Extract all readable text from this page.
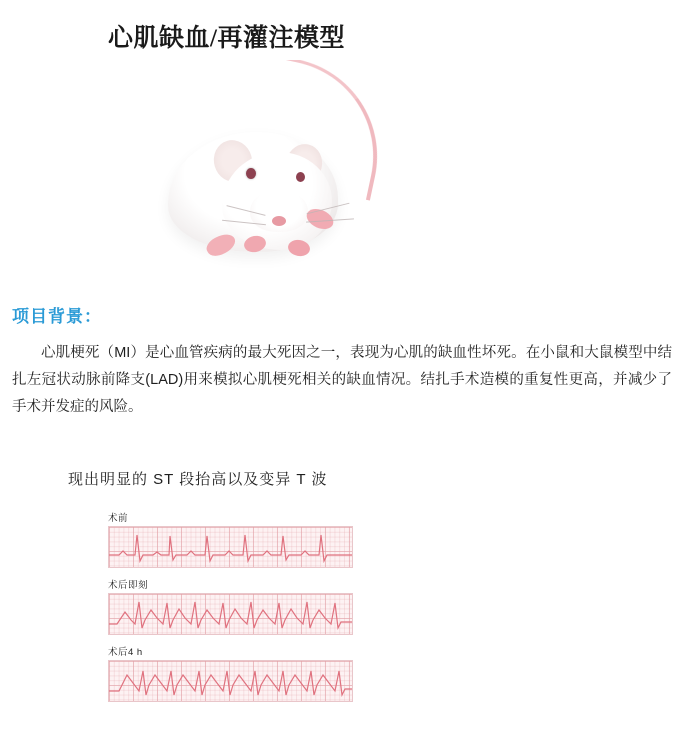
心肌缺血/再灌注模型
项目背景：
心肌梗死（MI）是心血管疾病的最大死因之一，表现为心肌的缺血性坏死。在小鼠和大鼠模型中结扎左冠状动脉前降支(LAD)用来模拟心肌梗死相关的缺血情况。结扎手术造模的重复性更高，并减少了手术并发症的风险。
现出明显的 ST 段抬高以及变异 T 波
术前
术后即刻
术后4 h
